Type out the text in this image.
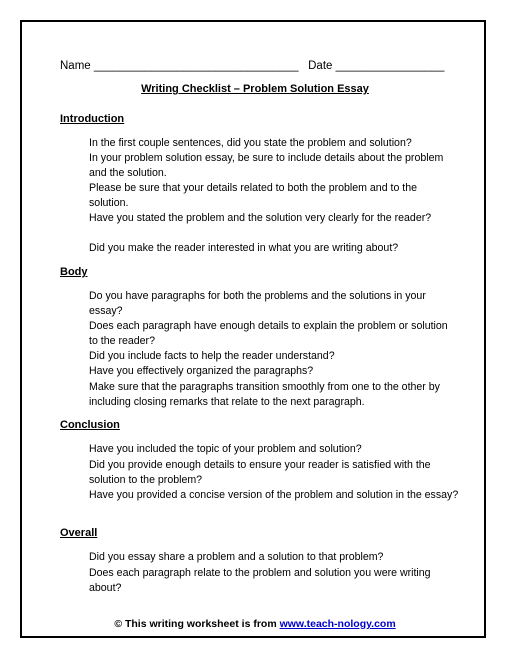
Name ________________________________   Date _________________
Writing Checklist – Problem Solution Essay
Introduction
In the first couple sentences, did you state the problem and solution?
In your problem solution essay, be sure to include details about the problem and the solution.
Please be sure that your details related to both the problem and to the solution.
Have you stated the problem and the solution very clearly for the reader?
Did you make the reader interested in what you are writing about?
Body
Do you have paragraphs for both the problems and the solutions in your essay?
Does each paragraph have enough details to explain the problem or solution to the reader?
Did you include facts to help the reader understand?
Have you effectively organized the paragraphs?
Make sure that the paragraphs transition smoothly from one to the other by including closing remarks that relate to the next paragraph.
Conclusion
Have you included the topic of your problem and solution?
Did you provide enough details to ensure your reader is satisfied with the solution to the problem?
Have you provided a concise version of the problem and solution in the essay?
Overall
Did you essay share a problem and a solution to that problem?
Does each paragraph relate to the problem and solution you were writing about?
© This writing worksheet is from www.teach-nology.com
